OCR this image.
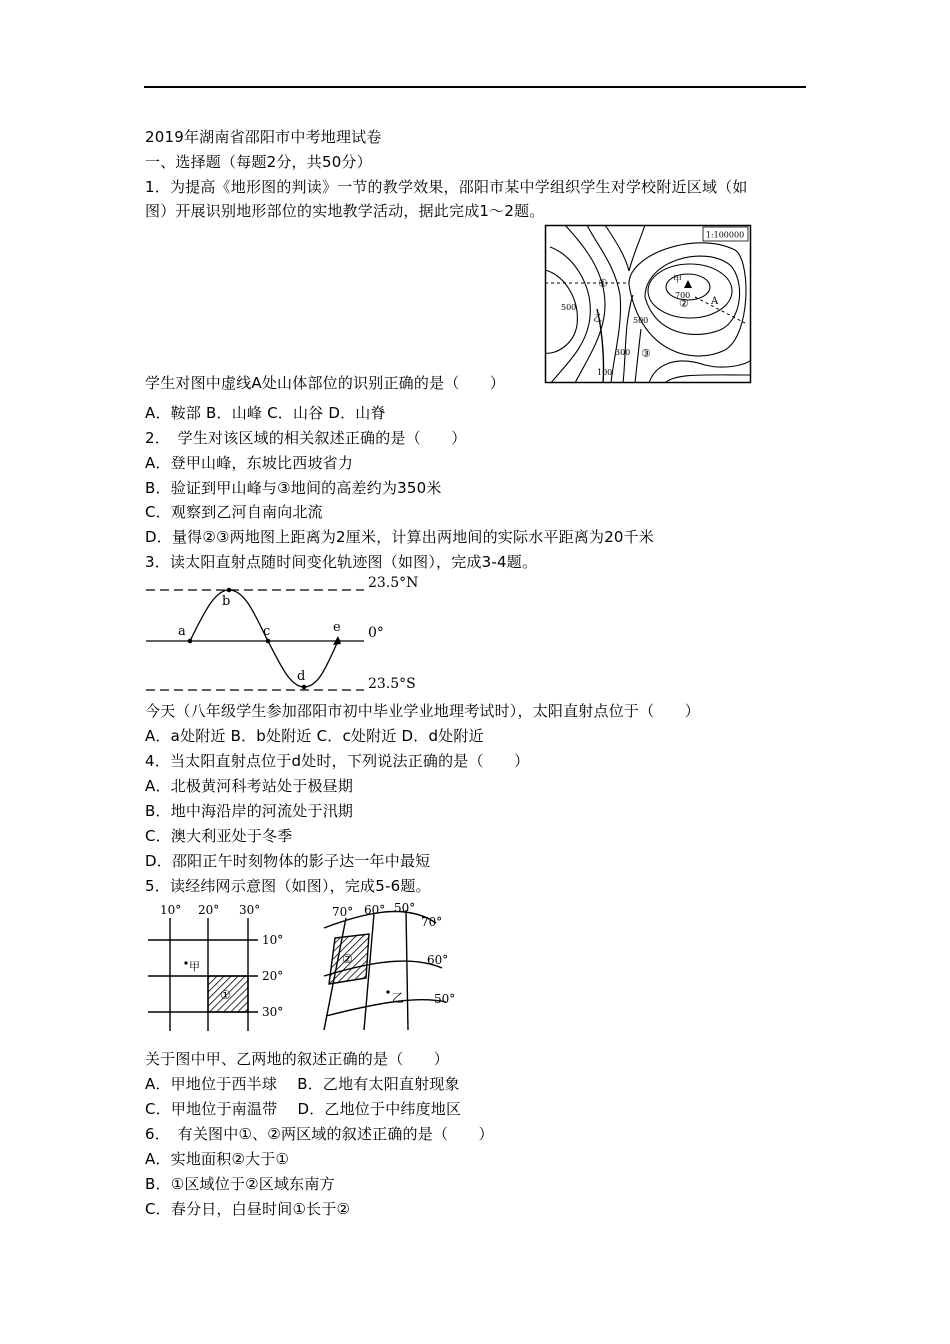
2019年湖南省邵阳市中考地理试卷
一、选择题（每题2分，共50分）
1．为提高《地形图的判读》一节的教学效果，邵阳市某中学组织学生对学校附近区域（如
图）开展识别地形部位的实地教学活动，据此完成1～2题。
1:100000
甲
700
500
500
300
100
①
②
③
A
乙
学生对图中虚线A处山体部位的识别正确的是（　　）
A．鞍部 B．山峰 C．山谷 D．山脊
2．　学生对该区域的相关叙述正确的是（　　）
A．登甲山峰，东坡比西坡省力
B．验证到甲山峰与③地间的高差约为350米
C．观察到乙河自南向北流
D．量得②③两地图上距离为2厘米，计算出两地间的实际水平距离为20千米
3．读太阳直射点随时间变化轨迹图（如图），完成3-4题。
a
b
c
d
e
23.5°N
0°
23.5°S
今天（八年级学生参加邵阳市初中毕业学业地理考试时），太阳直射点位于（　　）
A．a处附近 B．b处附近 C．c处附近 D．d处附近
4．当太阳直射点位于d处时，下列说法正确的是（　　）
A．北极黄河科考站处于极昼期
B．地中海沿岸的河流处于汛期
C．澳大利亚处于冬季
D．邵阳正午时刻物体的影子达一年中最短
5．读经纬网示意图（如图），完成5-6题。
10° 20° 30°
10°
20°
30°
甲
①
70° 60° 50°
70°
60°
50°
②
乙
关于图中甲、乙两地的叙述正确的是（　　）
A．甲地位于西半球　 B．乙地有太阳直射现象
C．甲地位于南温带　 D．乙地位于中纬度地区
6．　有关图中①、②两区域的叙述正确的是（　　）
A．实地面积②大于①
B．①区域位于②区域东南方
C．春分日，白昼时间①长于②
